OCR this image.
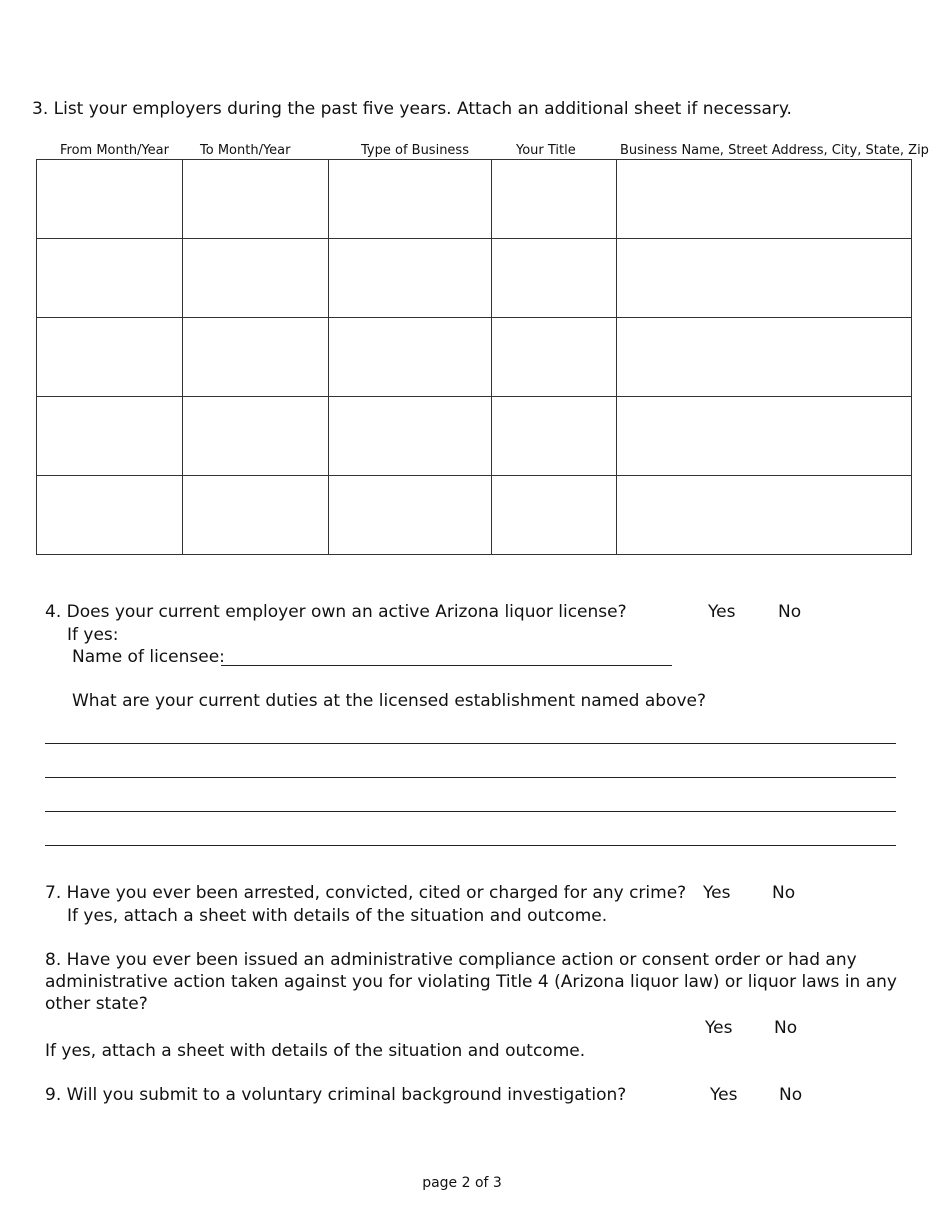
3. List your employers during the past five years. Attach an additional sheet if necessary.
From Month/Year To Month/Year	Type of Business	Your Title	Business Name, Street Address, City, State, Zip

4. Does your current employer own an active Arizona liquor license?	Yes	No
If yes:
Name of licensee:
What are your current duties at the licensed establishment named above?
7. Have you ever been arrested, convicted, cited or charged for any crime? Yes No
If yes, attach a sheet with details of the situation and outcome.
8. Have you ever been issued an administrative compliance action or consent order or had any administrative action taken against you for violating Title 4 (Arizona liquor law) or liquor laws in any other state?
Yes No
If yes, attach a sheet with details of the situation and outcome.
9. Will you submit to a voluntary criminal background investigation?	Yes No
page 2 of 3
